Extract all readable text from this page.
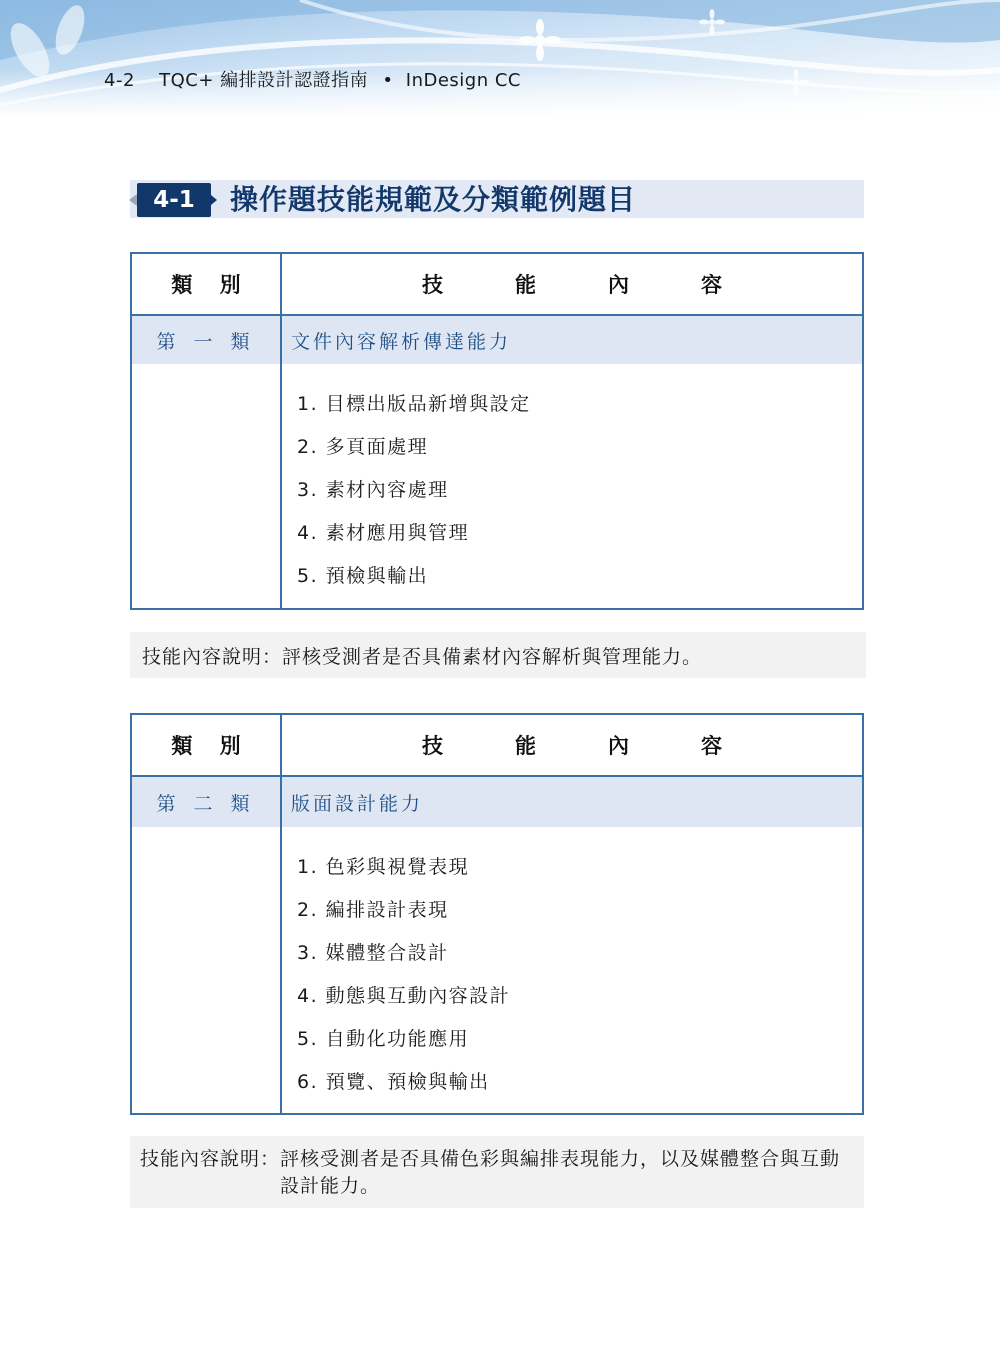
4-2 TQC+ 編排設計認證指南 • InDesign CC
4-1 操作題技能規範及分類範例題目
類 別	技	能	內	容
第 一 類	文件內容解析傳達能力
1. 目標出版品新增與設定
2. 多頁面處理
3. 素材內容處理
4. 素材應用與管理
5. 預檢與輸出
技能內容說明： 評核受測者是否具備素材內容解析與管理能力。
類 別	技	能	內	容
第 二 類	版面設計能力
1. 色彩與視覺表現
2. 編排設計表現
3. 媒體整合設計
4. 動態與互動內容設計
5. 自動化功能應用
6. 預覽、預檢與輸出
技能內容說明： 評核受測者是否具備色彩與編排表現能力，以及媒體整合與互動設計能力。
